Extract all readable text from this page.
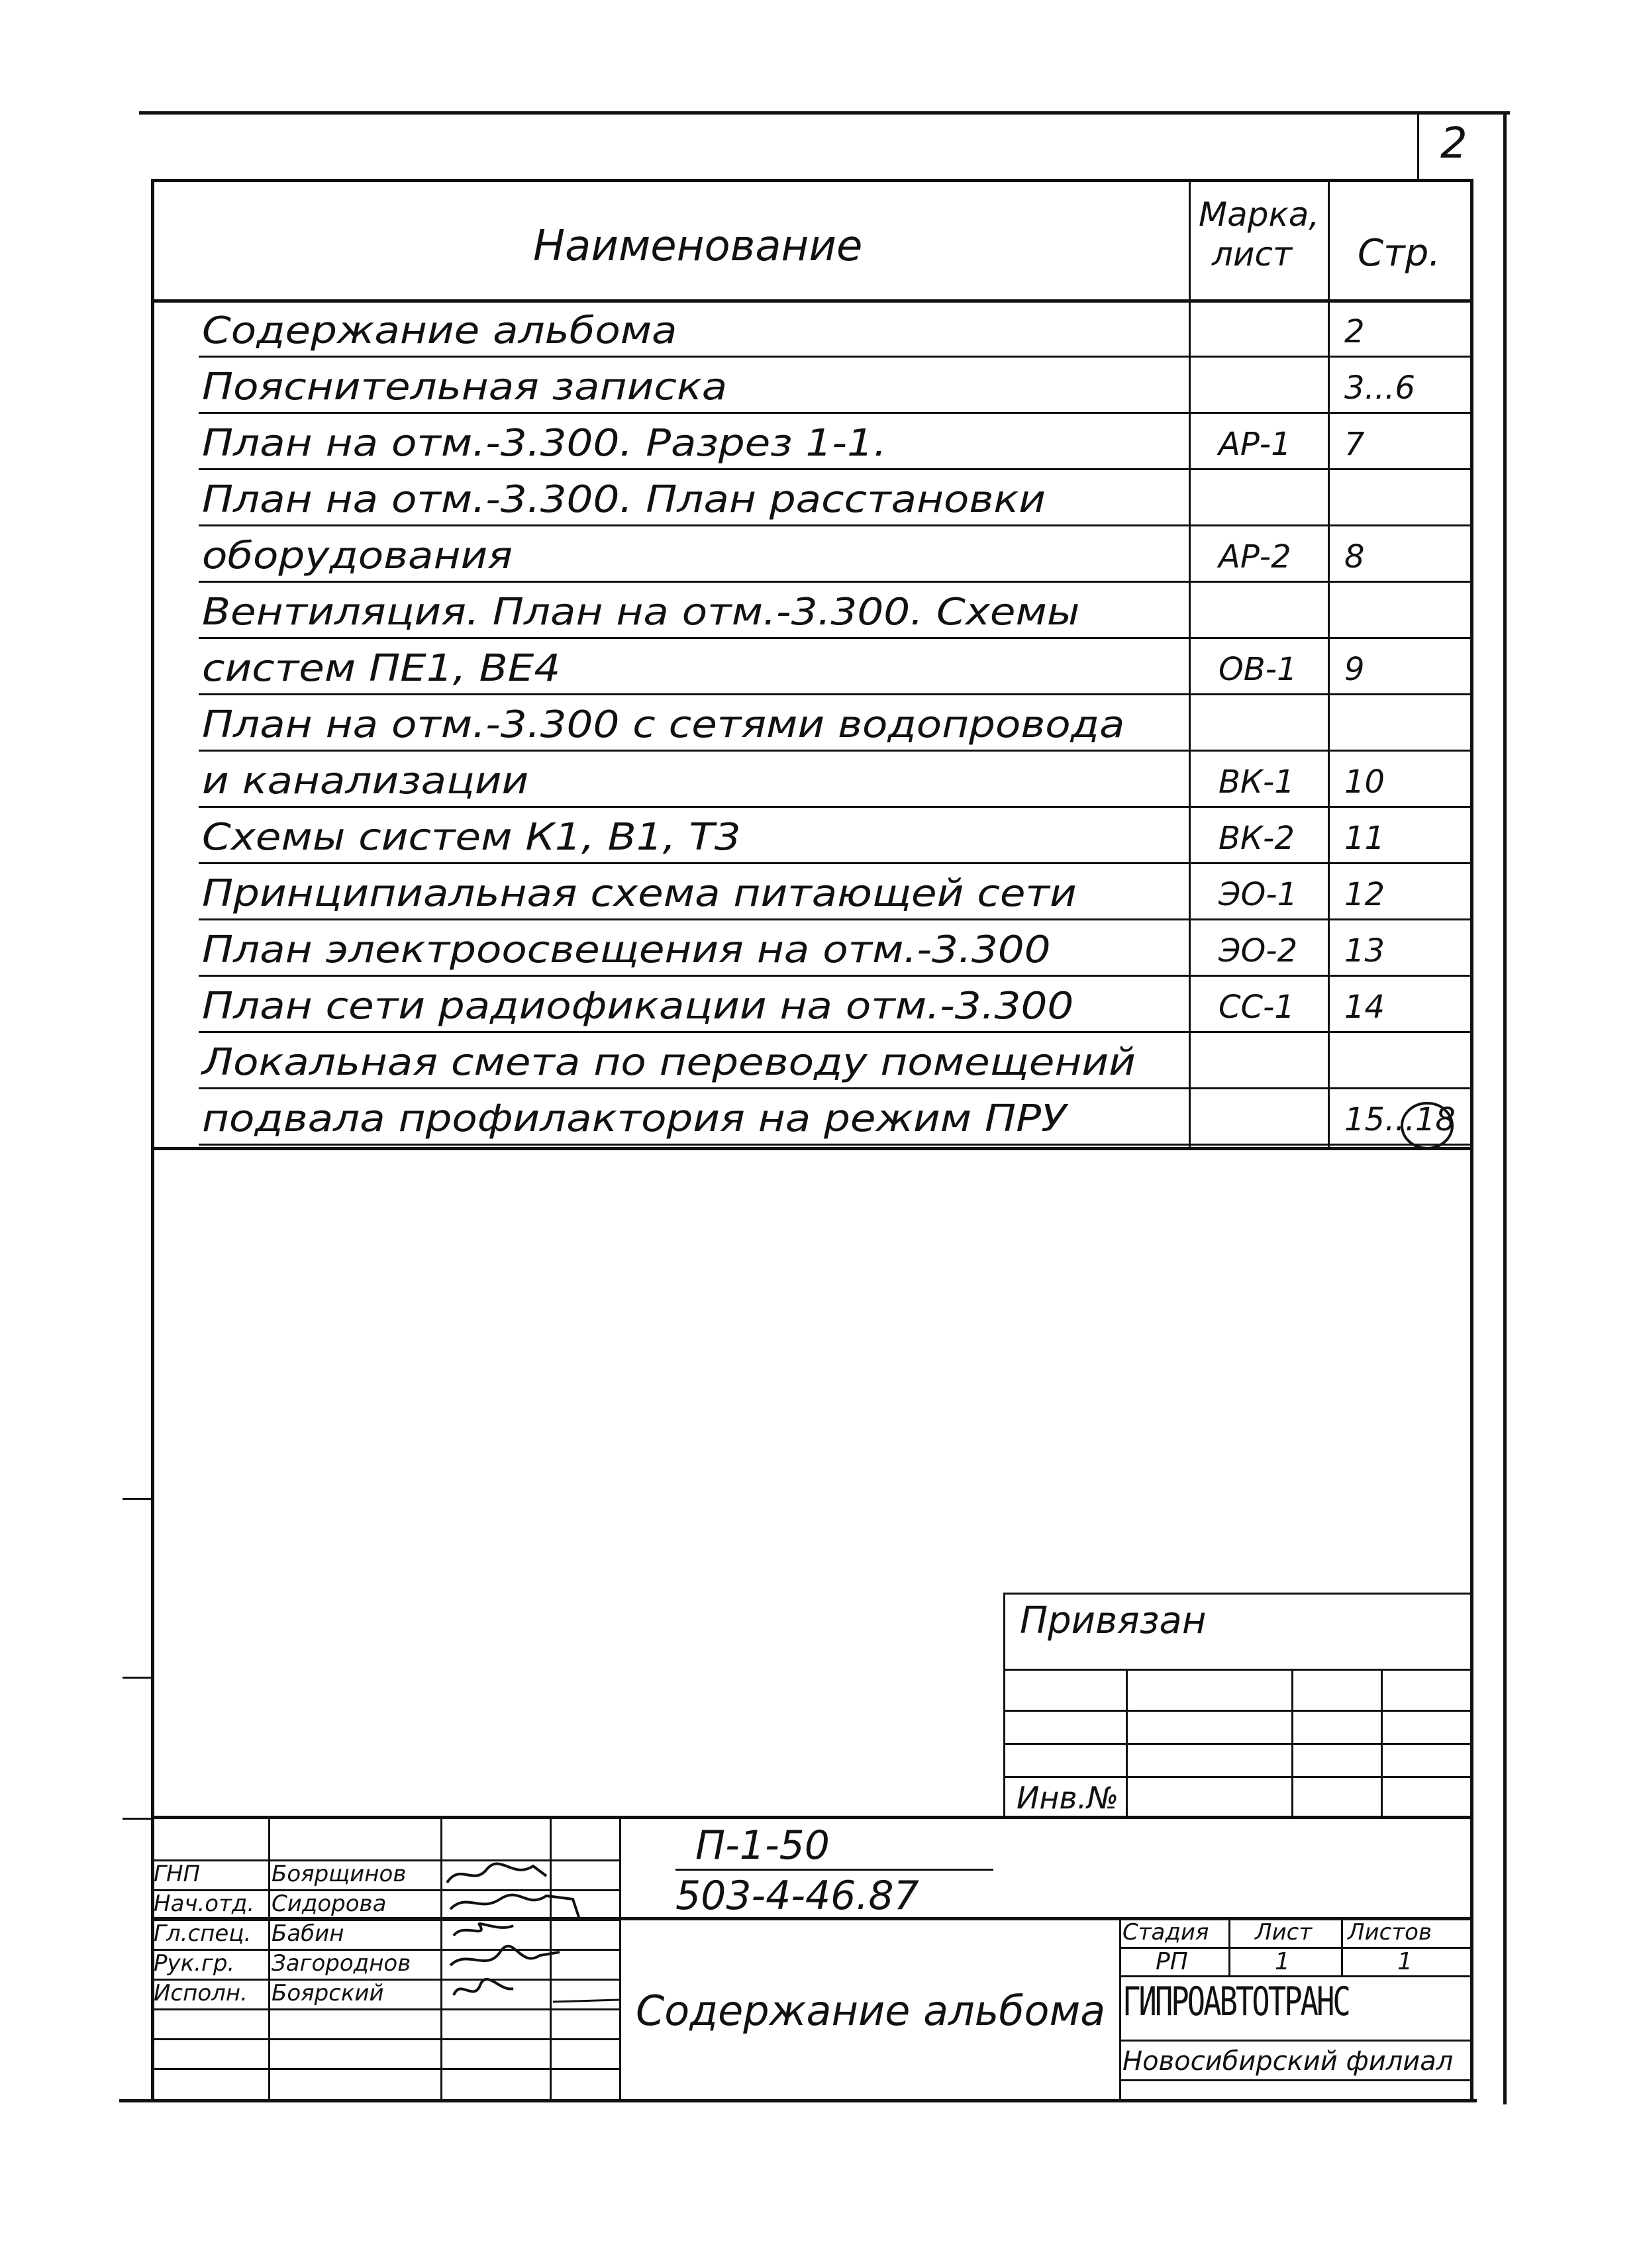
2
Наименование
Марка,
лист Стр.
Содержание альбома	2
Пояснительная записка	3...6
План на отм.-3.300. Разрез 1-1.	АР-1 7
План на отм.-3.300. План расстановки
оборудования	АР-2 8
Вентиляция. План на отм.-3.300. Схемы
систем ПЕ1, ВЕ4	ОВ-1 9
План на отм.-3.300 с сетями водопровода
и канализации	ВК-1 10
Схемы систем К1, В1, Т3	ВК-2 11
Принципиальная схема питающей сети	ЭО-1 12
План электроосвещения на отм.-3.300	ЭО-2 13
План сети радиофикации на отм.-3.300	СС-1 14
Локальная смета по переводу помещений
подвала профилактория на режим ПРУ	15...18
Привязан
Инв.№
ГНП	Боярщинов
Нач.отд. Сидорова
Гл.спец. Бабин
Рук.гр. Загороднов
Исполн. Боярский
П-1-50
503-4-46.87
Содержание альбома
Стадия Лист Листов
РП	1	1
ГИПРОАВТОТРАНС
Новосибирский филиал
